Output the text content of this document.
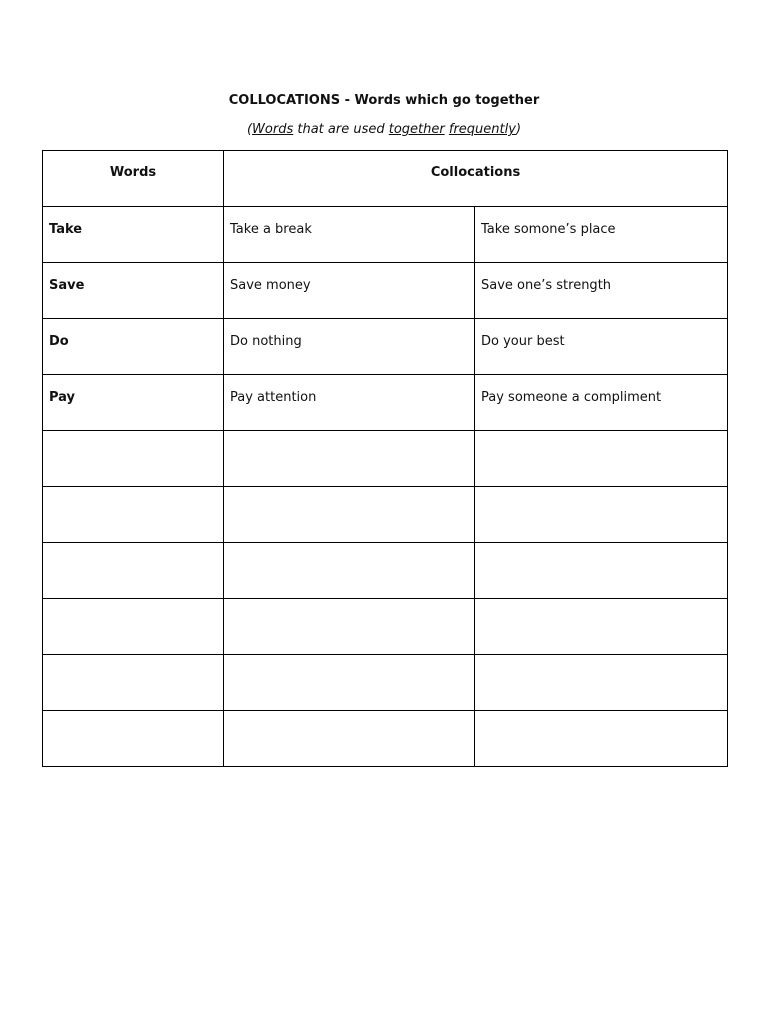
COLLOCATIONS - Words which go together
(Words that are used together frequently)
Words	Collocations	
Take	Take a break	Take somone’s place
Save	Save money	Save one’s strength
Do	Do nothing	Do your best
Pay	Pay attention	Pay someone a compliment
